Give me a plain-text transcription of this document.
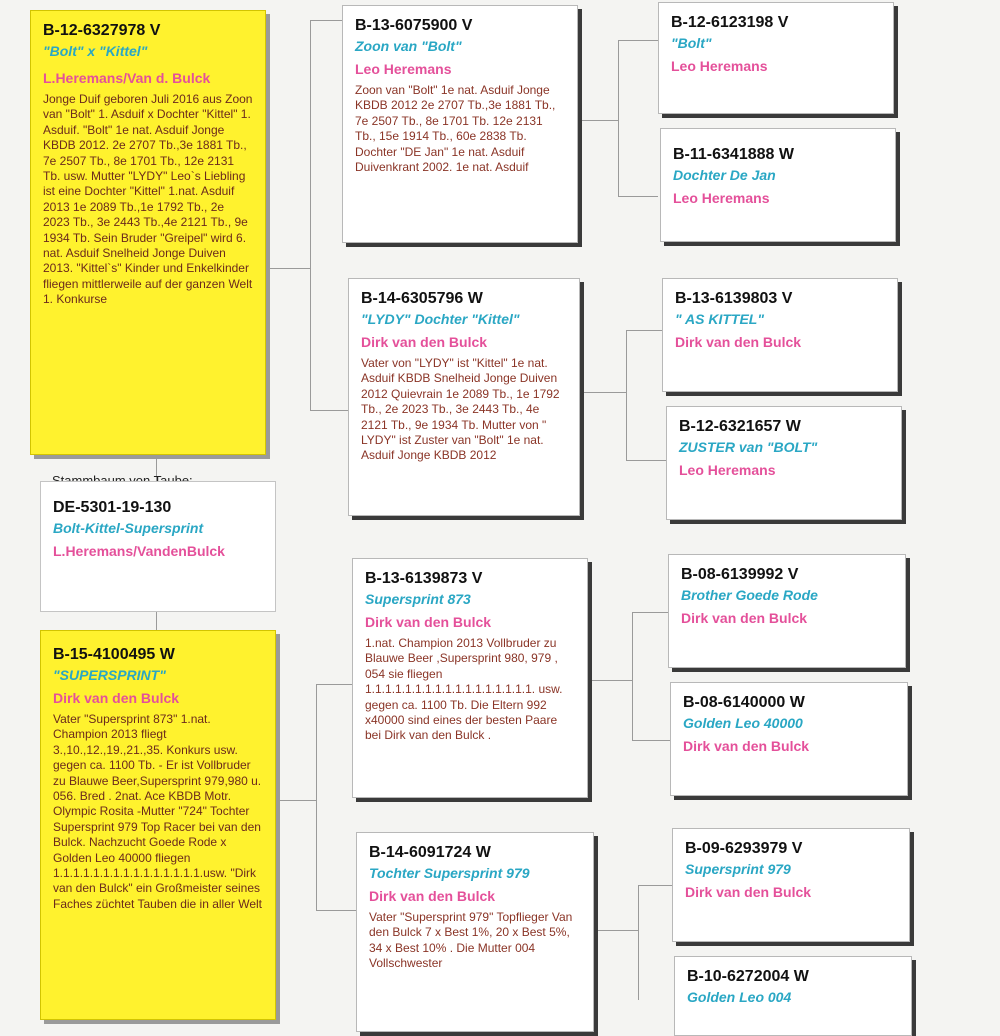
B-12-6327978 V
"Bolt" x "Kittel"
L.Heremans/Van d. Bulck
Jonge Duif geboren Juli 2016 aus Zoon van "Bolt" 1. Asduif x Dochter "Kittel" 1. Asduif. "Bolt" 1e nat. Asduif Jonge KBDB 2012. 2e 2707 Tb.,3e 1881 Tb., 7e 2507 Tb., 8e 1701 Tb., 12e 2131 Tb. usw. Mutter "LYDY" Leo`s Liebling ist eine Dochter "Kittel" 1.nat. Asduif 2013 1e 2089 Tb.,1e 1792 Tb., 2e 2023 Tb., 3e 2443 Tb.,4e 2121 Tb., 9e 1934 Tb. Sein Bruder "Greipel" wird 6. nat. Asduif Snelheid Jonge Duiven 2013. "Kittel`s" Kinder und Enkelkinder fliegen mittlerweile auf der ganzen Welt 1. Konkurse
DE-5301-19-130
Bolt-Kittel-Supersprint
L.Heremans/VandenBulck
B-15-4100495 W
"SUPERSPRINT"
Dirk van den Bulck
Vater "Supersprint 873" 1.nat. Champion 2013 fliegt 3.,10.,12.,19.,21.,35. Konkurs usw. gegen ca. 1100 Tb. - Er ist Vollbruder zu Blauwe Beer,Supersprint 979,980 u. 056. Bred . 2nat. Ace KBDB Motr. Olympic Rosita -Mutter "724" Tochter Supersprint 979 Top Racer bei van den Bulck. Nachzucht Goede Rode x Golden Leo 40000 fliegen 1.1.1.1.1.1.1.1.1.1.1.1.1.1.1.usw. "Dirk van den Bulck" ein Großmeister seines Faches züchtet Tauben die in aller Welt
B-13-6075900 V
Zoon van "Bolt"
Leo Heremans
Zoon van "Bolt" 1e nat. Asduif Jonge KBDB 2012 2e 2707 Tb.,3e 1881 Tb., 7e 2507 Tb., 8e 1701 Tb. 12e 2131 Tb., 15e 1914 Tb., 60e 2838 Tb. Dochter "DE Jan" 1e nat. Asduif Duivenkrant 2002. 1e nat. Asduif
B-14-6305796 W
"LYDY" Dochter "Kittel"
Dirk van den Bulck
Vater von "LYDY" ist "Kittel" 1e nat. Asduif KBDB Snelheid Jonge Duiven 2012 Quievrain 1e 2089 Tb., 1e 1792 Tb., 2e 2023 Tb., 3e 2443 Tb., 4e 2121 Tb., 9e 1934 Tb. Mutter von " LYDY" ist Zuster van "Bolt" 1e nat. Asduif Jonge KBDB 2012
B-13-6139873 V
Supersprint 873
Dirk van den Bulck
1.nat. Champion 2013 Vollbruder zu Blauwe Beer ,Supersprint 980, 979 , 054 sie fliegen 1.1.1.1.1.1.1.1.1.1.1.1.1.1.1.1.1. usw. gegen ca. 1100 Tb. Die Eltern 992 x40000 sind eines der besten Paare bei Dirk van den Bulck .
B-14-6091724 W
Tochter Supersprint 979
Dirk van den Bulck
Vater "Supersprint 979" Topflieger Van den Bulck 7 x Best 1%, 20 x Best 5%, 34 x Best 10% . Die Mutter 004 Vollschwester
B-12-6123198 V
"Bolt"
Leo Heremans
B-11-6341888 W
Dochter De Jan
Leo Heremans
B-13-6139803 V
" AS KITTEL"
Dirk van den Bulck
B-12-6321657 W
ZUSTER van "BOLT"
Leo Heremans
B-08-6139992 V
Brother Goede Rode
Dirk van den Bulck
B-08-6140000 W
Golden Leo 40000
Dirk van den Bulck
B-09-6293979 V
Supersprint 979
Dirk van den Bulck
B-10-6272004 W
Golden Leo 004
